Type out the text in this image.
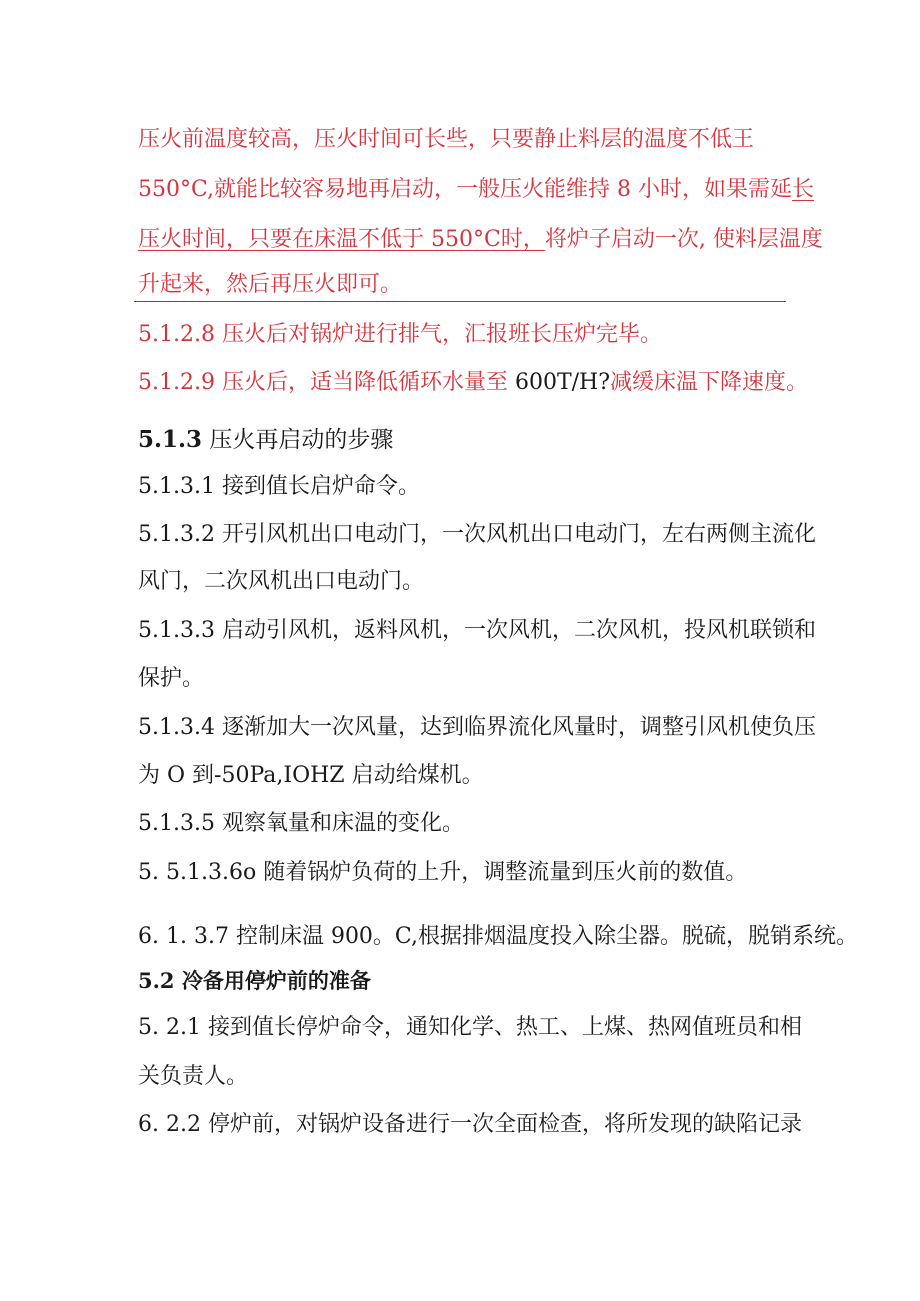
压火前温度较高，压火时间可长些，只要静止料层的温度不低王
550°C,就能比较容易地再启动，一般压火能维持 8 小时，如果需延长
压火时间，只要在床温不低于 550°C时，将炉子启动一次, 使料层温度
升起来，然后再压火即可。
5.1.2.8 压火后对锅炉进行排气，汇报班长压炉完毕。
5.1.2.9 压火后，适当降低循环水量至 600T/H?减缓床温下降速度。
5.1.3 压火再启动的步骤
5.1.3.1 接到值长启炉命令。
5.1.3.2 开引风机出口电动门，一次风机出口电动门，左右两侧主流化
风门，二次风机出口电动门。
5.1.3.3 启动引风机，返料风机，一次风机，二次风机，投风机联锁和
保护。
5.1.3.4 逐渐加大一次风量，达到临界流化风量时，调整引风机使负压
为 O 到-50Pa,IOHZ 启动给煤机。
5.1.3.5 观察氧量和床温的变化。
5. 5.1.3.6o 随着锅炉负荷的上升，调整流量到压火前的数值。
6. 1. 3.7 控制床温 900。C,根据排烟温度投入除尘器。脱硫，脱销系统。
5.2 冷备用停炉前的准备
5. 2.1 接到值长停炉命令，通知化学、热工、上煤、热网值班员和相
关负责人。
6. 2.2 停炉前，对锅炉设备进行一次全面检查，将所发现的缺陷记录
